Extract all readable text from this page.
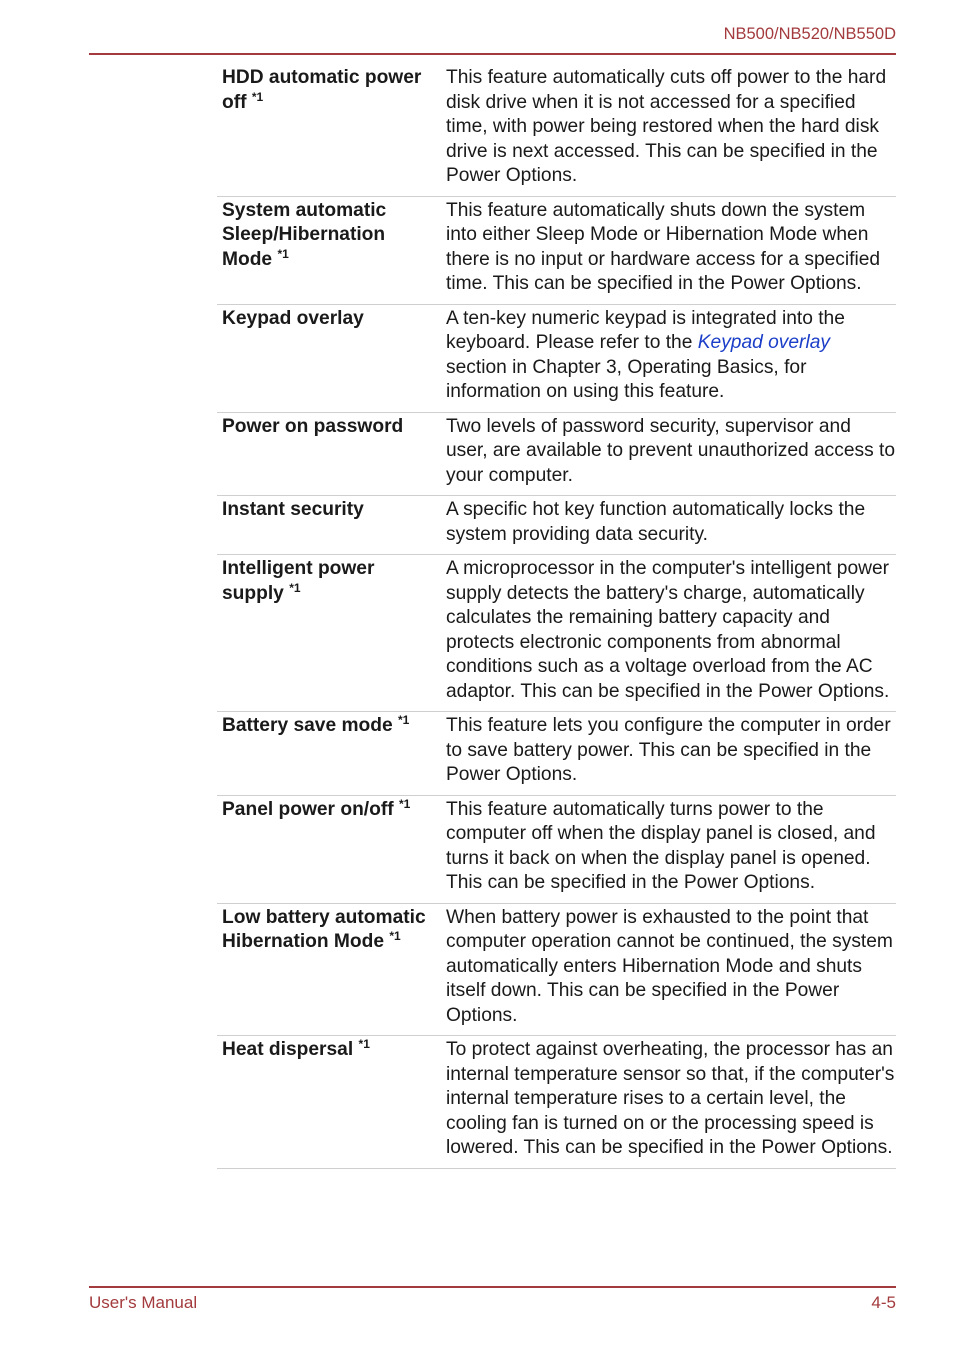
NB500/NB520/NB550D
HDD automatic power off $^{*1}$	This feature automatically cuts off power to the hard disk drive when it is not accessed for a specified time, with power being restored when the hard disk drive is next accessed. This can be specified in the Power Options.
System automatic Sleep/Hibernation Mode $^{*1}$	This feature automatically shuts down the system into either Sleep Mode or Hibernation Mode when there is no input or hardware access for a specified time. This can be specified in the Power Options.
Keypad overlay	A ten-key numeric keypad is integrated into the keyboard. Please refer to the Keypad overlay section in Chapter 3, Operating Basics, for information on using this feature.
Power on password	Two levels of password security, supervisor and user, are available to prevent unauthorized access to your computer.
Instant security	A specific hot key function automatically locks the system providing data security.
Intelligent power supply $^{*1}$	A microprocessor in the computer's intelligent power supply detects the battery's charge, automatically calculates the remaining battery capacity and protects electronic components from abnormal conditions such as a voltage overload from the AC adaptor. This can be specified in the Power Options.
Battery save mode $^{*1}$	This feature lets you configure the computer in order to save battery power. This can be specified in the Power Options.
Panel power on/off $^{*1}$	This feature automatically turns power to the computer off when the display panel is closed, and turns it back on when the display panel is opened. This can be specified in the Power Options.
Low battery automatic Hibernation Mode $^{*1}$	When battery power is exhausted to the point that computer operation cannot be continued, the system automatically enters Hibernation Mode and shuts itself down. This can be specified in the Power Options.
Heat dispersal $^{*1}$	To protect against overheating, the processor has an internal temperature sensor so that, if the computer's internal temperature rises to a certain level, the cooling fan is turned on or the processing speed is lowered. This can be specified in the Power Options.
User's Manual	4-5
